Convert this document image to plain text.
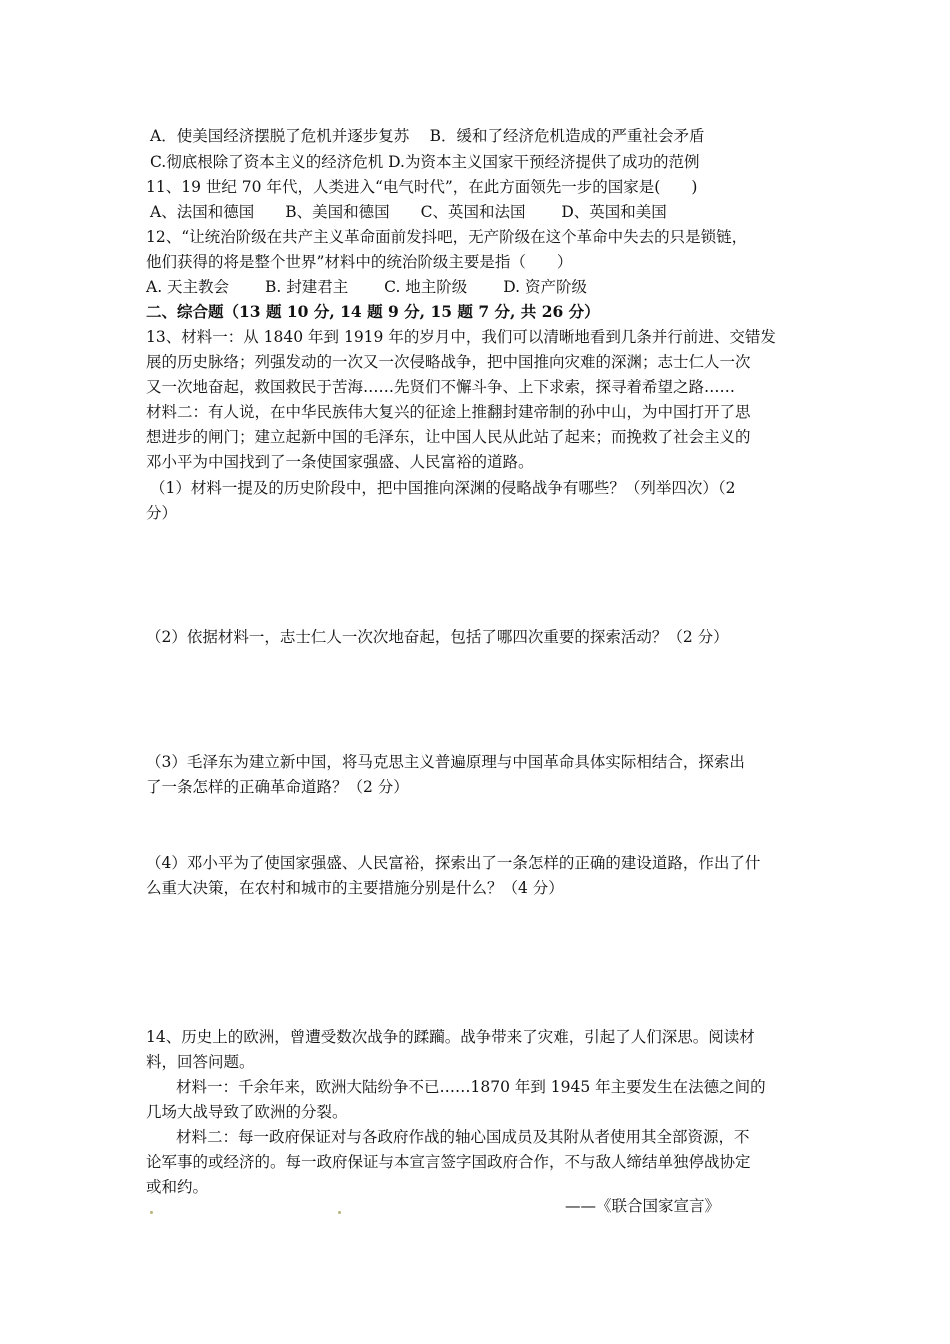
A．使美国经济摆脱了危机并逐步复苏　 B．缓和了经济危机造成的严重社会矛盾
C.彻底根除了资本主义的经济危机 D.为资本主义国家干预经济提供了成功的范例
11、19 世纪 70 年代，人类进入“电气时代”，在此方面领先一步的国家是(　　)
A、法国和德国　　B、美国和德国　　C、英国和法国　　 D、英国和美国
12、“让统治阶级在共产主义革命面前发抖吧，无产阶级在这个革命中失去的只是锁链，
他们获得的将是整个世界”材料中的统治阶级主要是指（　　）
A. 天主教会　　 B. 封建君主　　 C. 地主阶级　　 D. 资产阶级
二、综合题（13 题 10 分, 14 题 9 分, 15 题 7 分, 共 26 分）
13、材料一：从 1840 年到 1919 年的岁月中，我们可以清晰地看到几条并行前进、交错发
展的历史脉络；列强发动的一次又一次侵略战争，把中国推向灾难的深渊；志士仁人一次
又一次地奋起，救国救民于苦海……先贤们不懈斗争、上下求索，探寻着希望之路……
材料二：有人说，在中华民族伟大复兴的征途上推翻封建帝制的孙中山，为中国打开了思
想进步的闸门；建立起新中国的毛泽东，让中国人民从此站了起来；而挽救了社会主义的
邓小平为中国找到了一条使国家强盛、人民富裕的道路。
（1）材料一提及的历史阶段中，把中国推向深渊的侵略战争有哪些？（列举四次）（2
分）
（2）依据材料一，志士仁人一次次地奋起，包括了哪四次重要的探索活动？（2 分）
（3）毛泽东为建立新中国，将马克思主义普遍原理与中国革命具体实际相结合，探索出
了一条怎样的正确革命道路？（2 分）
（4）邓小平为了使国家强盛、人民富裕，探索出了一条怎样的正确的建设道路，作出了什
么重大决策，在农村和城市的主要措施分别是什么？（4 分）
14、历史上的欧洲，曾遭受数次战争的蹂躏。战争带来了灾难，引起了人们深思。阅读材
料，回答问题。
材料一：千余年来，欧洲大陆纷争不已……1870 年到 1945 年主要发生在法德之间的
几场大战导致了欧洲的分裂。
材料二：每一政府保证对与各政府作战的轴心国成员及其附从者使用其全部资源，不
论军事的或经济的。每一政府保证与本宣言签字国政府合作，不与敌人缔结单独停战协定
或和约。
——《联合国家宣言》
